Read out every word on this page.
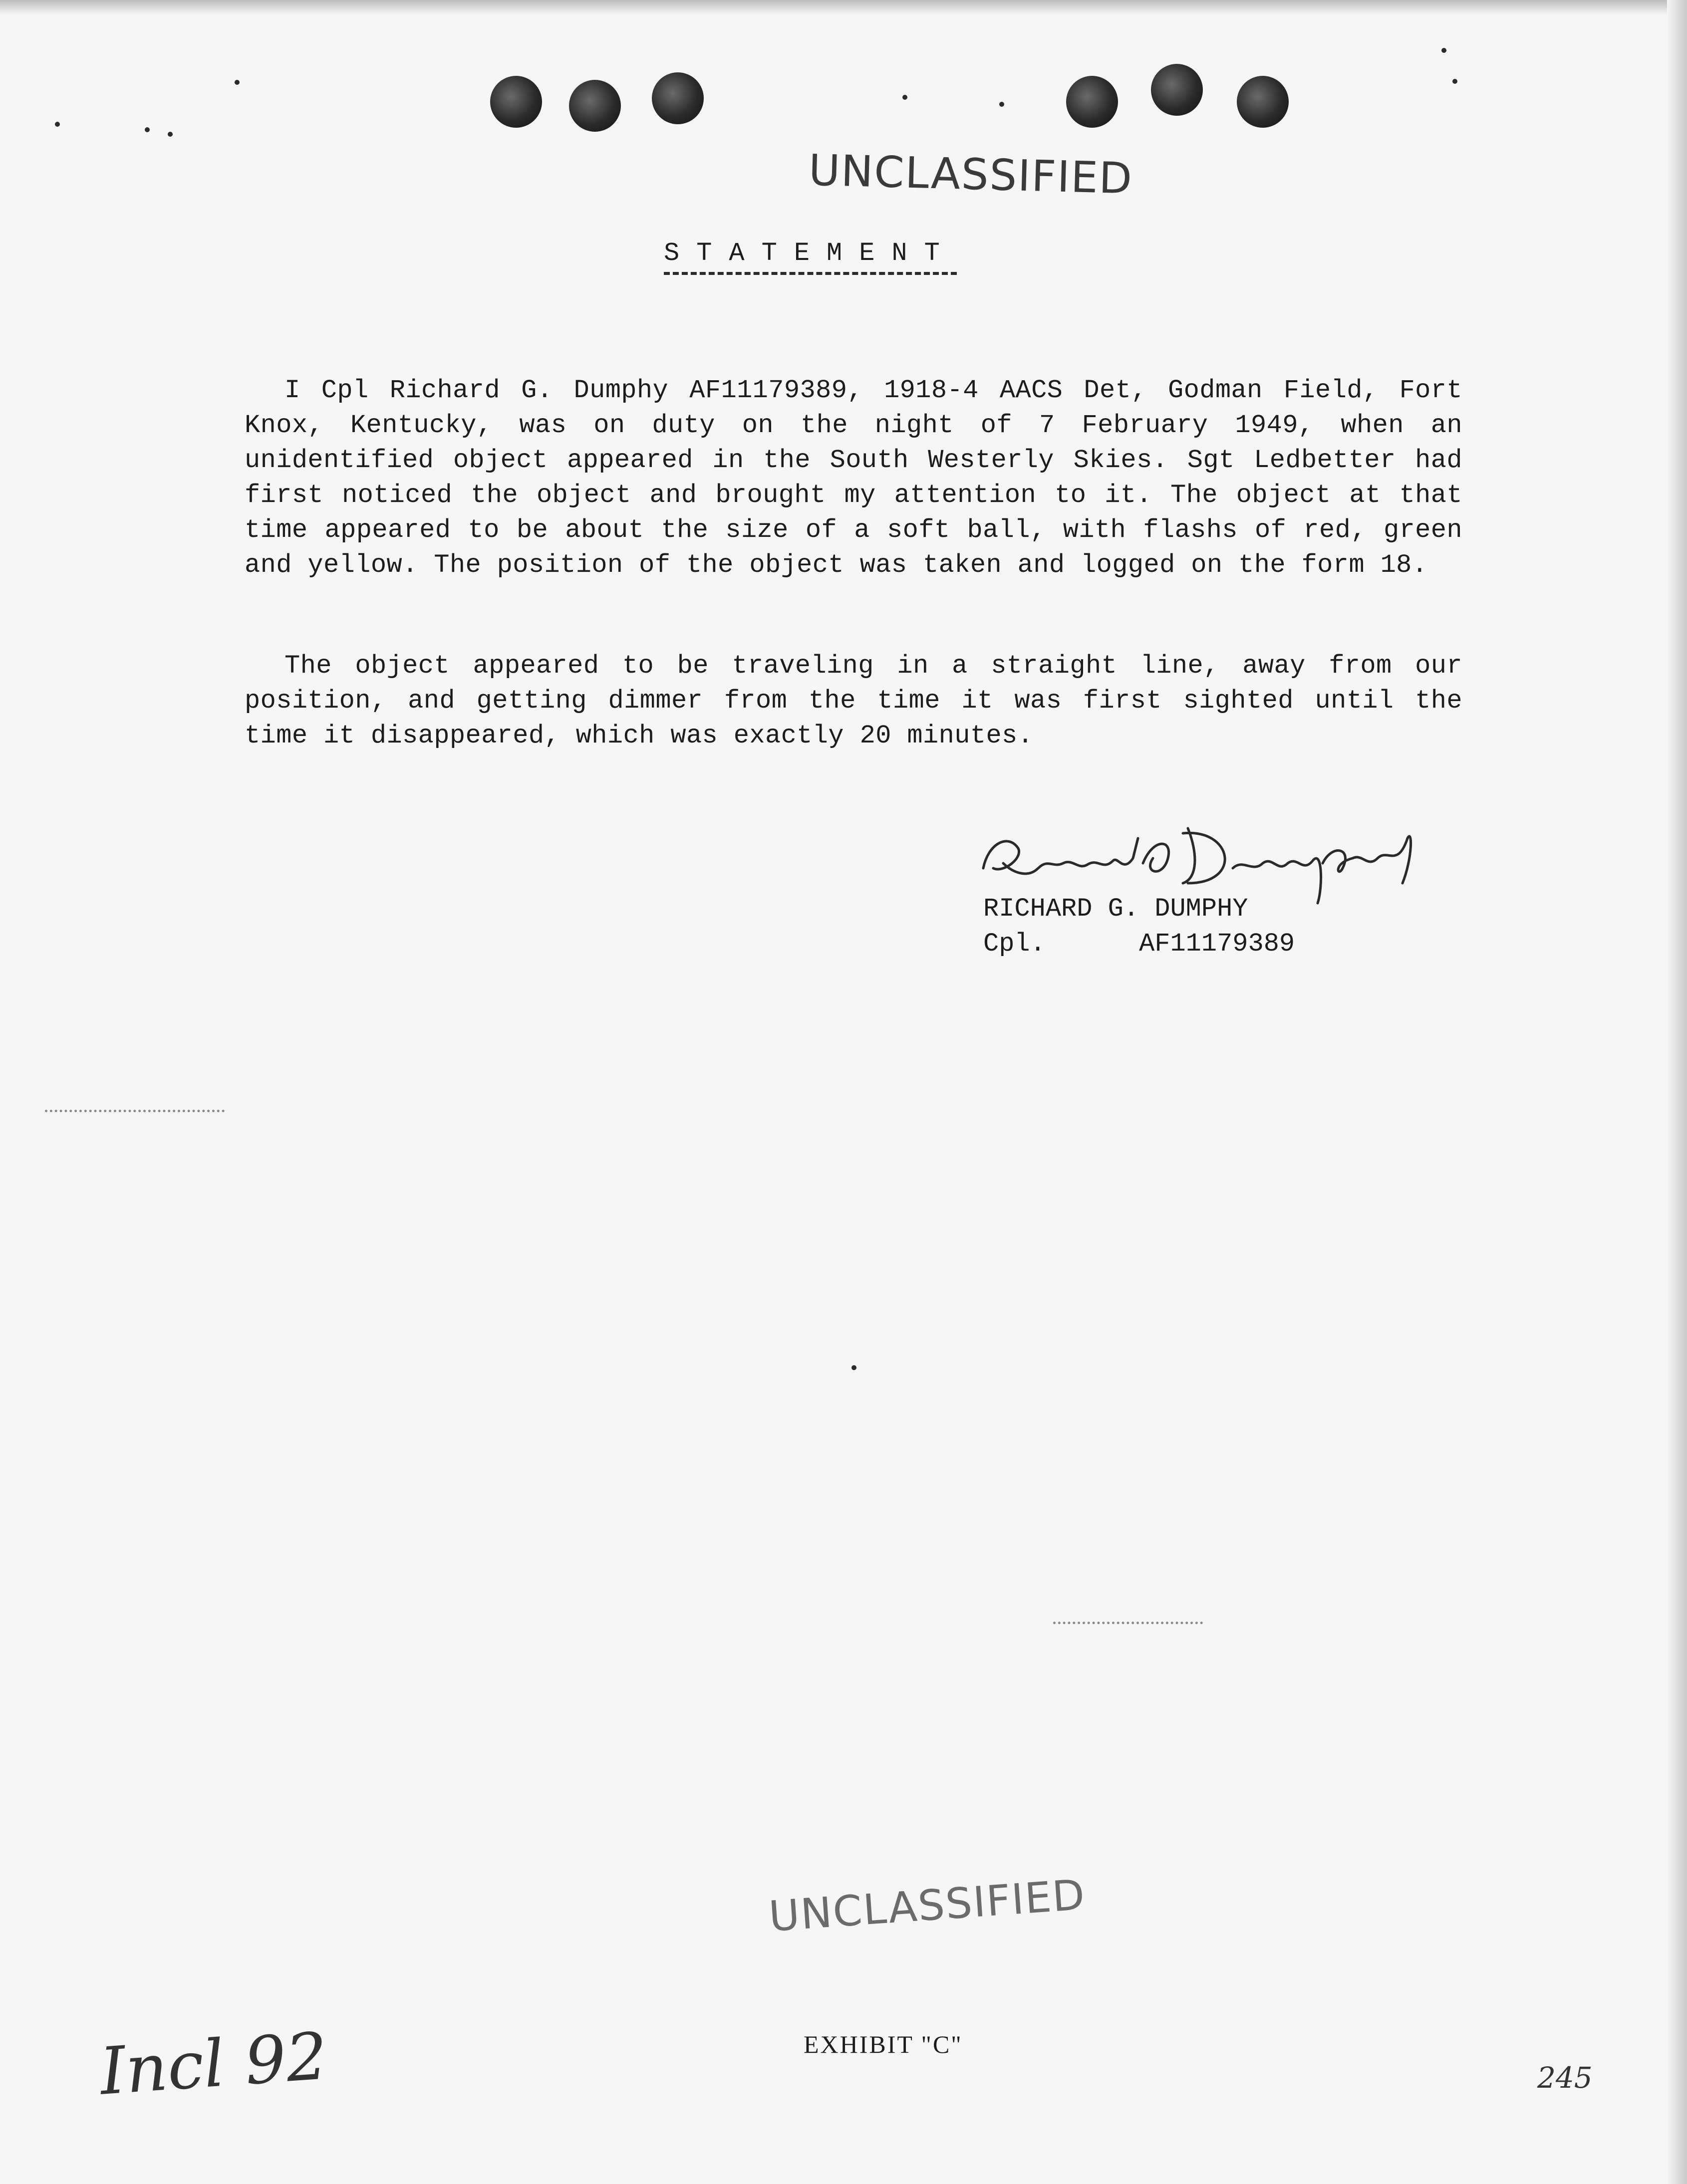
UNCLASSIFIED
STATEMENT

I Cpl Richard G. Dumphy AF11179389, 1918-4 AACS Det, Godman Field, Fort Knox, Kentucky, was on duty on the night of 7 February 1949, when an unidentified object appeared in the South Westerly Skies. Sgt Ledbetter had first noticed the object and brought my attention to it. The object at that time appeared to be about the size of a soft ball, with flashs of red, green and yellow. The position of the object was taken and logged on the form 18.

The object appeared to be traveling in a straight line, away from our position, and getting dimmer from the time it was first sighted until the time it disappeared, which was exactly 20 minutes.

RICHARD G. DUMPHY
Cpl.	AF11179389
UNCLASSIFIED
EXHIBIT "C"
Incl 92	245
